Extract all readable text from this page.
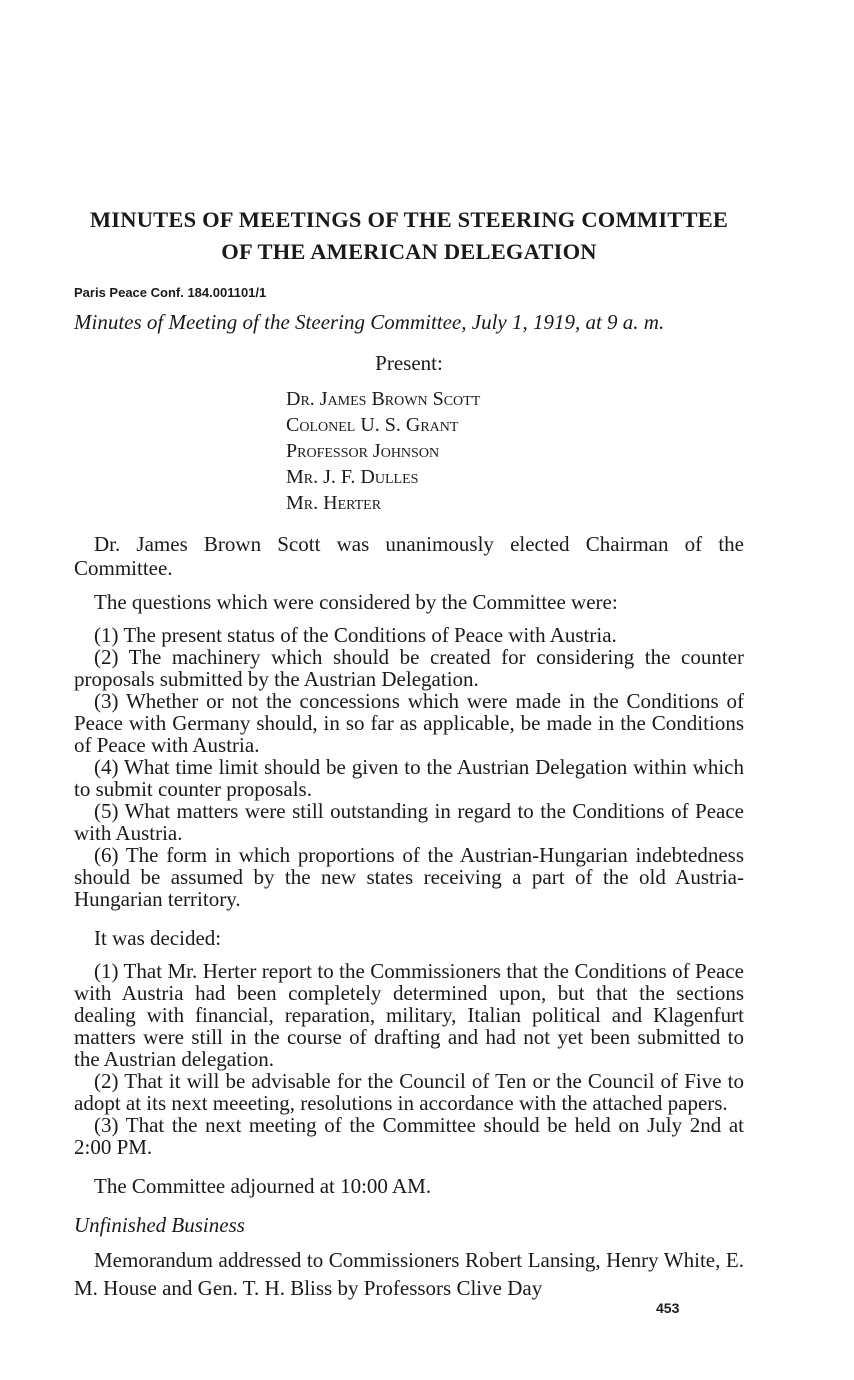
MINUTES OF MEETINGS OF THE STEERING COMMITTEE
OF THE AMERICAN DELEGATION
Paris Peace Conf. 184.001101/1
Minutes of Meeting of the Steering Committee, July 1, 1919, at 9 a. m.
Present:
Dr. James Brown Scott
Colonel U. S. Grant
Professor Johnson
Mr. J. F. Dulles
Mr. Herter

Dr. James Brown Scott was unanimously elected Chairman of the Committee.

The questions which were considered by the Committee were:

(1) The present status of the Conditions of Peace with Austria.

(2) The machinery which should be created for considering the counter proposals submitted by the Austrian Delegation.

(3) Whether or not the concessions which were made in the Conditions of Peace with Germany should, in so far as applicable, be made in the Conditions of Peace with Austria.

(4) What time limit should be given to the Austrian Delegation within which to submit counter proposals.

(5) What matters were still outstanding in regard to the Conditions of Peace with Austria.

(6) The form in which proportions of the Austrian-Hungarian indebtedness should be assumed by the new states receiving a part of the old Austria-Hungarian territory.

It was decided:

(1) That Mr. Herter report to the Commissioners that the Conditions of Peace with Austria had been completely determined upon, but that the sections dealing with financial, reparation, military, Italian political and Klagenfurt matters were still in the course of drafting and had not yet been submitted to the Austrian delegation.

(2) That it will be advisable for the Council of Ten or the Council of Five to adopt at its next meeeting, resolutions in accordance with the attached papers.

(3) That the next meeting of the Committee should be held on July 2nd at 2:00 PM.

The Committee adjourned at 10:00 AM.

Unfinished Business

Memorandum addressed to Commissioners Robert Lansing, Henry White, E. M. House and Gen. T. H. Bliss by Professors Clive Day

453
